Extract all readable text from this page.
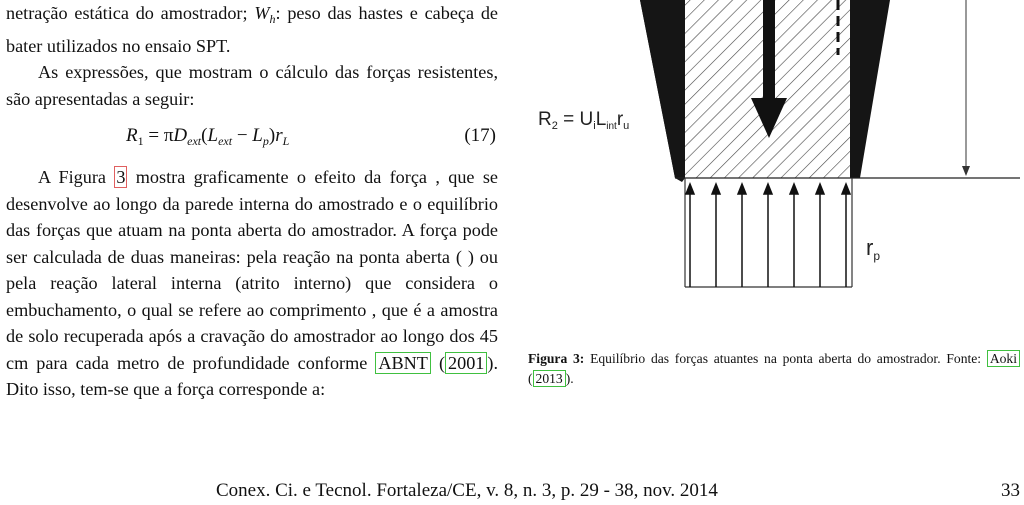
netração estática do amostrador; $W_h$: peso das hastes e cabeça de bater utilizados no ensaio SPT.

As expressões, que mostram o cálculo das forças resistentes, são apresentadas a seguir:

$R_1 = \pi D_{ext}(L_{ext} - L_p)r_L$	(17)

A Figura 3 mostra graficamente o efeito da força , que se desenvolve ao longo da parede interna do amostrado e o equilíbrio das forças que atuam na ponta aberta do amostrador. A força pode ser calculada de duas maneiras: pela reação na ponta aberta ( ) ou pela reação lateral interna (atrito interno) que considera o embuchamento, o qual se refere ao comprimento , que é a amostra de solo recuperada após a cravação do amostrador ao longo dos 45 cm para cada metro de profundidade conforme ABNT ( 2001 ). Dito isso, tem-se que a força corresponde a:

$R_2 = U_iL_{int}r_u$
$r_p$
Figura 3: Equilíbrio das forças atuantes na ponta aberta do amostrador. Fonte: Aoki ( 2013 ).
Conex. Ci. e Tecnol. Fortaleza/CE, v. 8, n. 3, p. 29 - 38, nov. 2014	33
